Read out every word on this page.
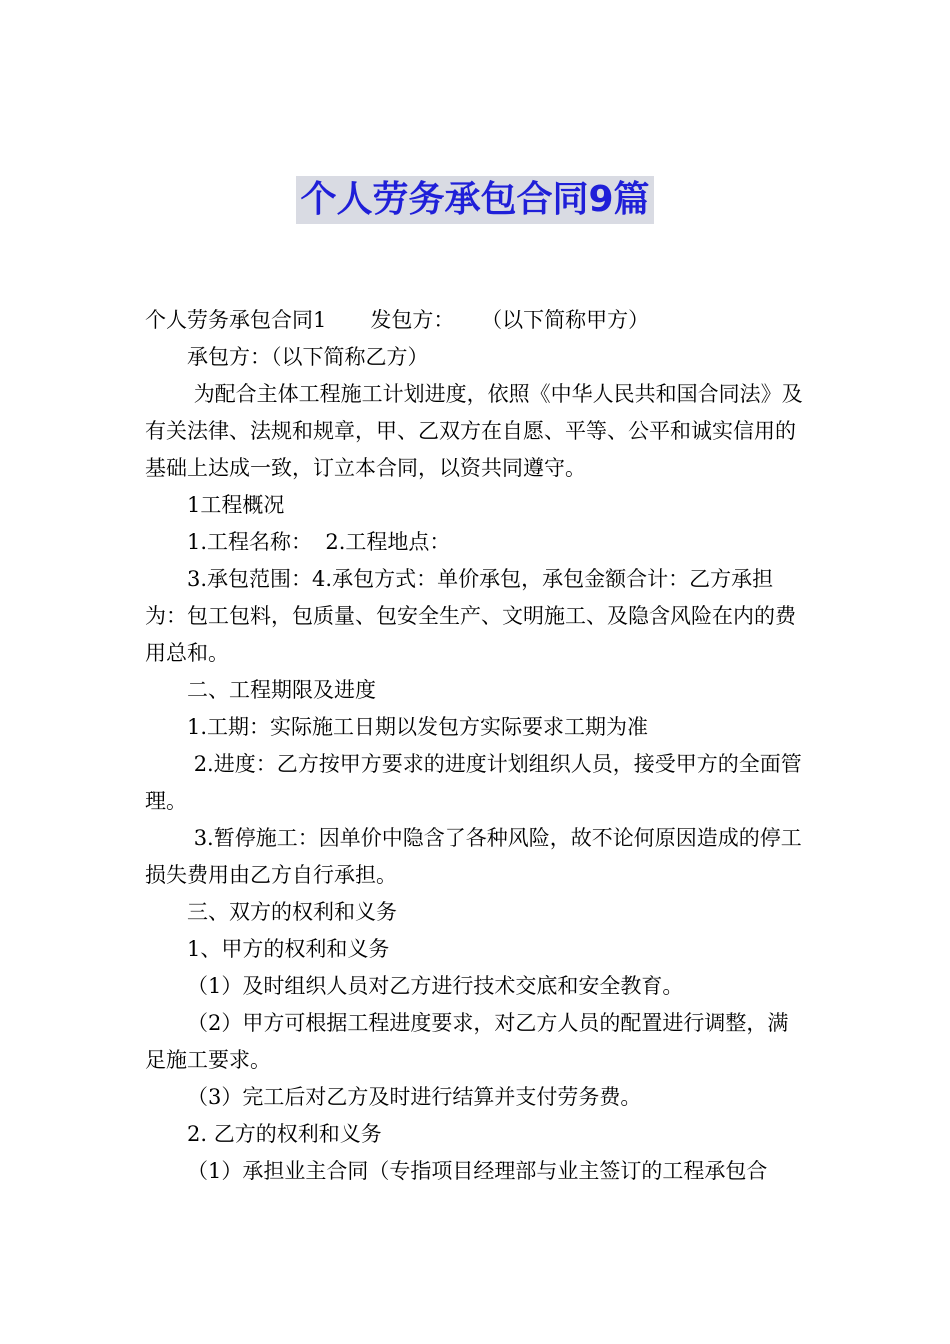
个人劳务承包合同9篇

个人劳务承包合同1 发包方：    （以下简称甲方）

承包方：（以下简称乙方）

为配合主体工程施工计划进度，依照《中华人民共和国合同法》及有关法律、法规和规章，甲、乙双方在自愿、平等、公平和诚实信用的基础上达成一致，订立本合同，以资共同遵守。

1工程概况

1.工程名称：  2.工程地点：

3.承包范围：4.承包方式：单价承包，承包金额合计：乙方承担为：包工包料，包质量、包安全生产、文明施工、及隐含风险在内的费用总和。

二、工程期限及进度

1.工期：实际施工日期以发包方实际要求工期为准

2.进度：乙方按甲方要求的进度计划组织人员，接受甲方的全面管理。

3.暂停施工：因单价中隐含了各种风险，故不论何原因造成的停工损失费用由乙方自行承担。

三、双方的权利和义务

1、甲方的权利和义务

（1）及时组织人员对乙方进行技术交底和安全教育。

（2）甲方可根据工程进度要求，对乙方人员的配置进行调整，满足施工要求。

（3）完工后对乙方及时进行结算并支付劳务费。

2. 乙方的权利和义务

（1）承担业主合同（专指项目经理部与业主签订的工程承包合
